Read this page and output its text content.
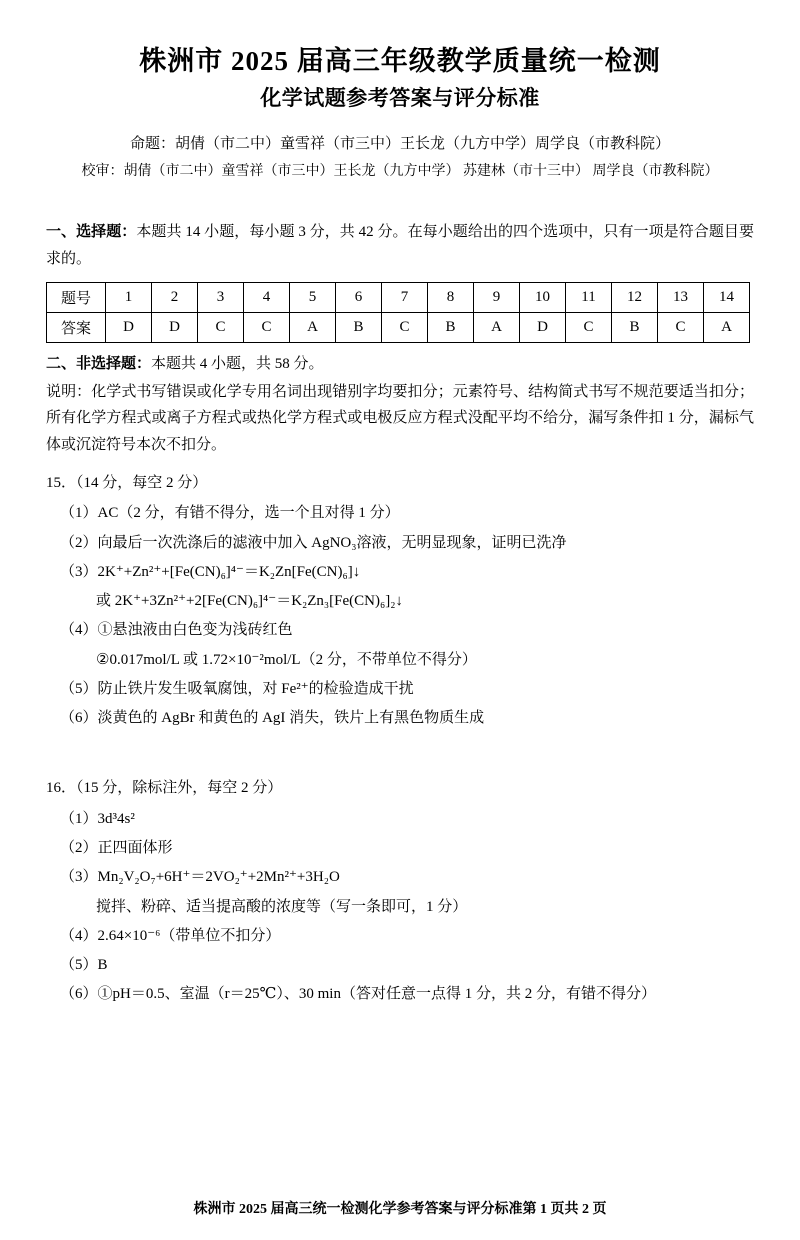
株洲市 2025 届高三年级教学质量统一检测
化学试题参考答案与评分标准
命题：胡倩（市二中）童雪祥（市三中）王长龙（九方中学）周学良（市教科院）
校审：胡倩（市二中）童雪祥（市三中）王长龙（九方中学） 苏建林（市十三中） 周学良（市教科院）
一、选择题：本题共 14 小题，每小题 3 分，共 42 分。在每小题给出的四个选项中，只有一项是符合题目要求的。
题号	1	2	3	4	5	6	7	8	9	10	11	12	13	14
答案	D	D	C	C	A	B	C	B	A	D	C	B	C	A
二、非选择题：本题共 4 小题，共 58 分。
说明：化学式书写错误或化学专用名词出现错别字均要扣分；元素符号、结构简式书写不规范要适当扣分；所有化学方程式或离子方程式或热化学方程式或电极反应方程式没配平均不给分，漏写条件扣 1 分，漏标气体或沉淀符号本次不扣分。
15．（14 分，每空 2 分）
（1）AC（2 分，有错不得分，选一个且对得 1 分）
（2）向最后一次洗涤后的滤液中加入 AgNO₃溶液，无明显现象，证明已洗净
（3）2K⁺+Zn²⁺+[Fe(CN)₆]⁴⁻＝K₂Zn[Fe(CN)₆]↓
或 2K⁺+3Zn²⁺+2[Fe(CN)₆]⁴⁻＝K₂Zn₃[Fe(CN)₆]₂↓
（4）①悬浊液由白色变为浅砖红色
②0.017mol/L 或 1.72×10⁻²mol/L（2 分，不带单位不得分）
（5）防止铁片发生吸氧腐蚀，对 Fe²⁺的检验造成干扰
（6）淡黄色的 AgBr 和黄色的 AgI 消失，铁片上有黑色物质生成
16．（15 分，除标注外，每空 2 分）
（1）3d³4s²
（2）正四面体形
（3）Mn₂V₂O₇+6H⁺＝2VO₂⁺+2Mn²⁺+3H₂O
搅拌、粉碎、适当提高酸的浓度等（写一条即可，1 分）
（4）2.64×10⁻⁶（带单位不扣分）
（5）B
（6）①pH＝0.5、室温（r＝25℃）、30 min（答对任意一点得 1 分，共 2 分，有错不得分）
株洲市 2025 届高三统一检测化学参考答案与评分标准第 1 页共 2 页
